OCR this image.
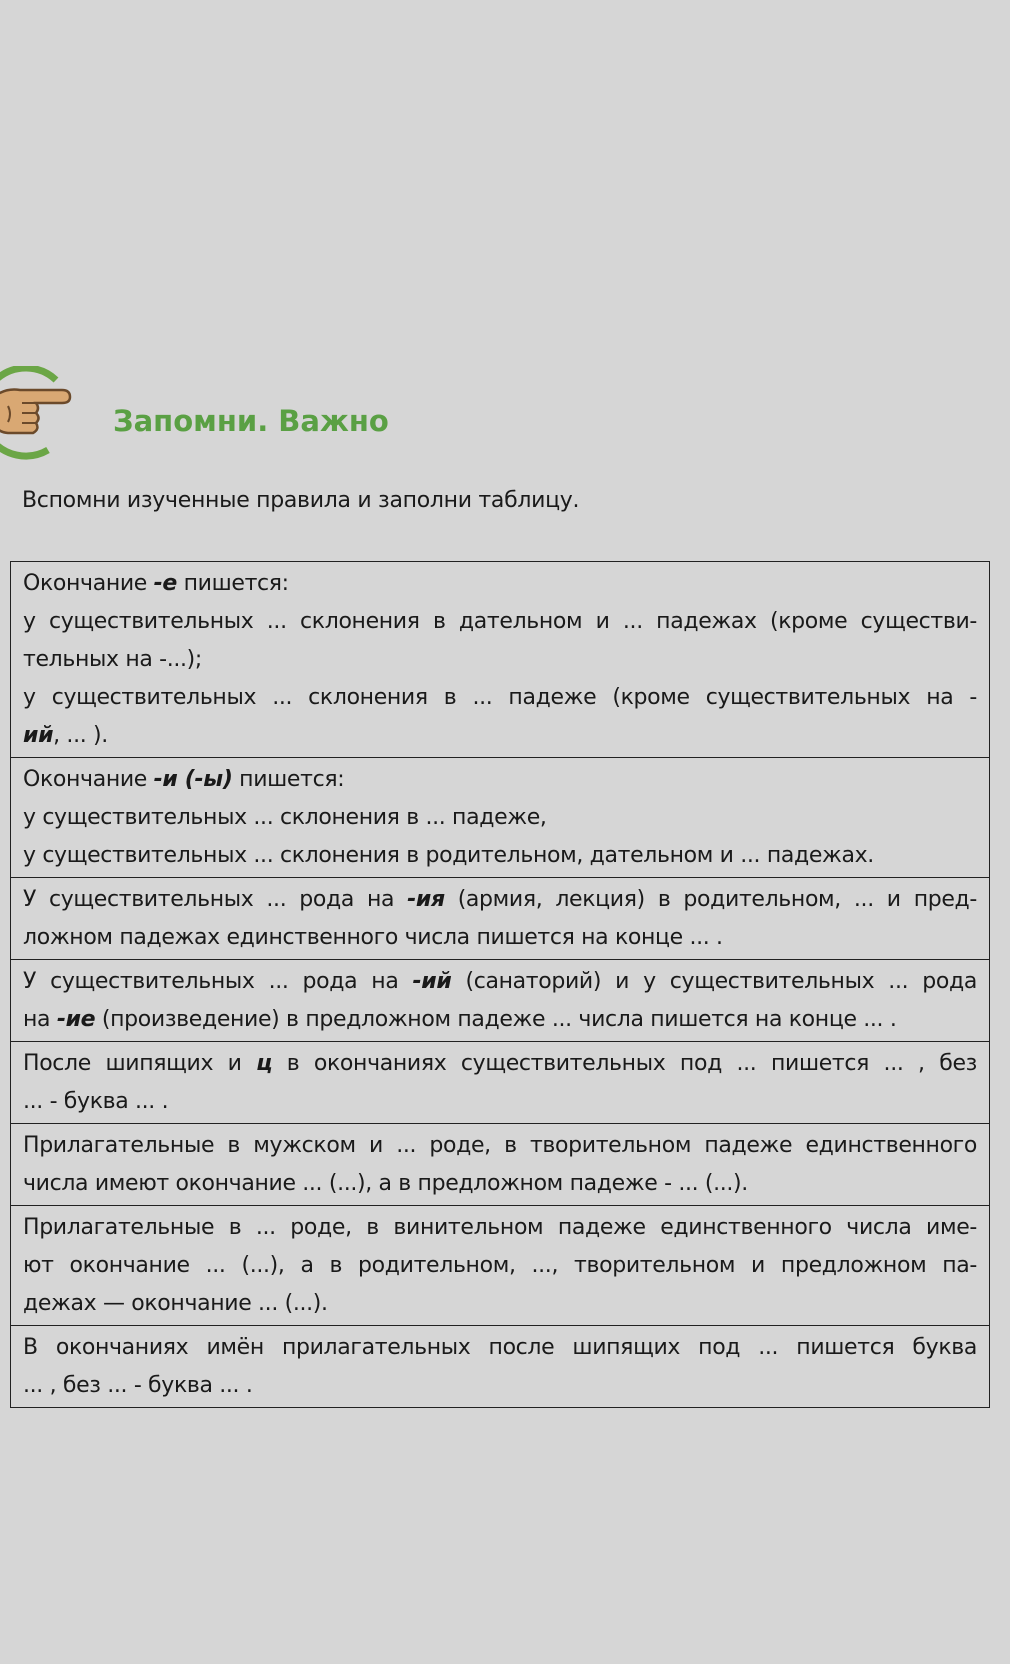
Запомни. Важно

Вспомни изученные правила и заполни таблицу.

Окончание -е пишется:
у существительных ... склонения в дательном и ... падежах (кроме существи-
тельных на -...);
у существительных ... склонения в ... падеже (кроме существительных на -
ий, ... ).

Окончание -и (-ы) пишется:
у существительных ... склонения в ... падеже,
у существительных ... склонения в родительном, дательном и ... падежах.

У существительных ... рода на -ия (армия, лекция) в родительном, ... и пред-
ложном падежах единственного числа пишется на конце ... .

У существительных ... рода на -ий (санаторий) и у существительных ... рода
на -ие (произведение) в предложном падеже ... числа пишется на конце ... .

После шипящих и ц в окончаниях существительных под ... пишется ... , без
... - буква ... .

Прилагательные в мужском и ... роде, в творительном падеже единственного
числа имеют окончание ... (...), а в предложном падеже - ... (...).

Прилагательные в ... роде, в винительном падеже единственного числа име-
ют окончание ... (...), а в родительном, ..., творительном и предложном па-
дежах — окончание ... (...).

В окончаниях имён прилагательных после шипящих под ... пишется буква
... , без ... - буква ... .
